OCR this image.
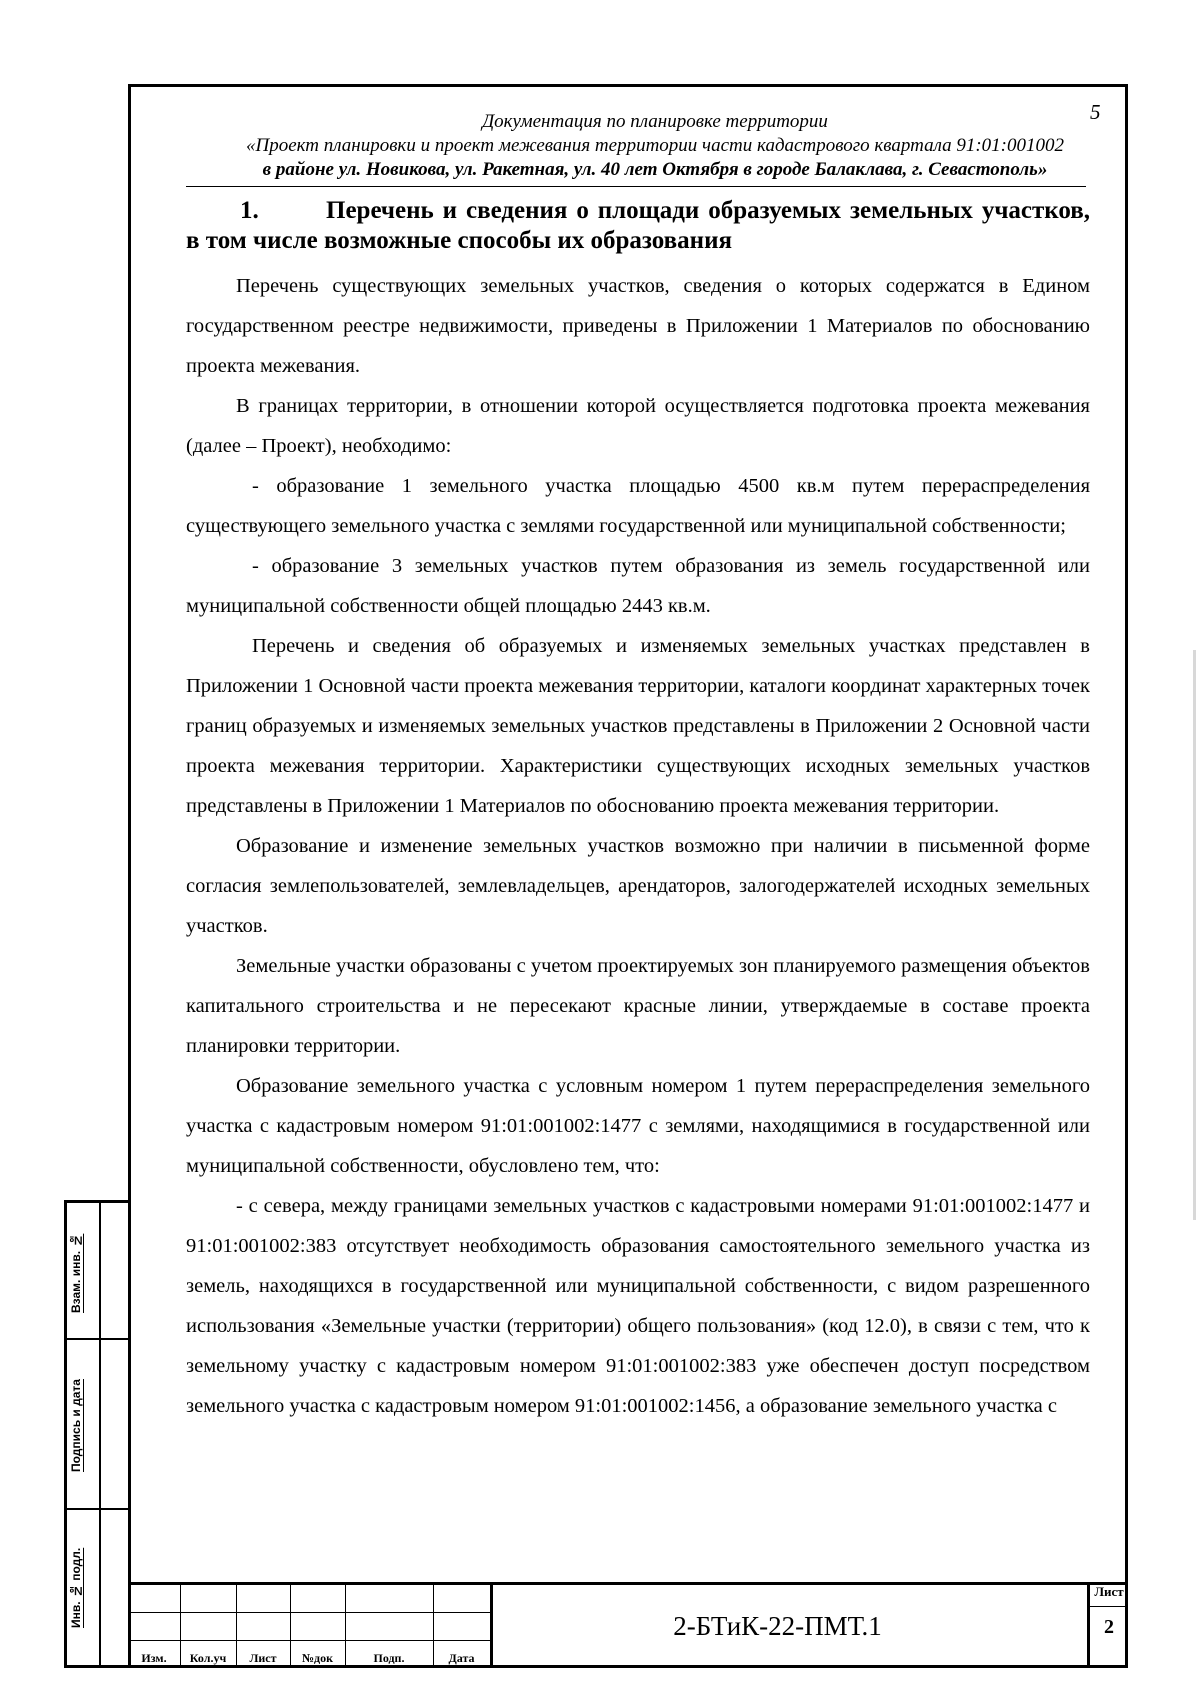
5
Документация по планировке территории
«Проект планировки и проект межевания территории части кадастрового квартала 91:01:001002
в районе ул. Новикова, ул. Ракетная, ул. 40 лет Октября в городе Балаклава, г. Севастополь»
1.	Перечень и сведения о площади образуемых земельных участков, в том числе возможные способы их образования

Перечень существующих земельных участков, сведения о которых содержатся в Едином государственном реестре недвижимости, приведены в Приложении 1 Материалов по обоснованию проекта межевания.

В границах территории, в отношении которой осуществляется подготовка проекта межевания (далее – Проект), необходимо:

- образование 1 земельного участка площадью 4500 кв.м путем перераспределения существующего земельного участка с землями государственной или муниципальной собственности;

- образование 3 земельных участков путем образования из земель государственной или муниципальной собственности общей площадью 2443 кв.м.

Перечень и сведения об образуемых и изменяемых земельных участках представлен в Приложении 1 Основной части проекта межевания территории, каталоги координат характерных точек границ образуемых и изменяемых земельных участков представлены в Приложении 2 Основной части проекта межевания территории. Характеристики существующих исходных земельных участков представлены в Приложении 1 Материалов по обоснованию проекта межевания территории.

Образование и изменение земельных участков возможно при наличии в письменной форме согласия землепользователей, землевладельцев, арендаторов, залогодержателей исходных земельных участков.

Земельные участки образованы с учетом проектируемых зон планируемого размещения объектов капитального строительства и не пересекают красные линии, утверждаемые в составе проекта планировки территории.

Образование земельного участка с условным номером 1 путем перераспределения земельного участка с кадастровым номером 91:01:001002:1477 с землями, находящимися в государственной или муниципальной собственности, обусловлено тем, что:

- с севера, между границами земельных участков с кадастровыми номерами 91:01:001002:1477 и 91:01:001002:383 отсутствует необходимость образования самостоятельного земельного участка из земель, находящихся в государственной или муниципальной собственности, с видом разрешенного использования «Земельные участки (территории) общего пользования» (код 12.0), в связи с тем, что к земельному участку с кадастровым номером 91:01:001002:383 уже обеспечен доступ посредством земельного участка с кадастровым номером 91:01:001002:1456, а образование земельного участка с

Взам. инв. №
Подпись и дата
Инв. № подл.
Изм.	Кол.уч	Лист	№док	Подп.	Дата
2-БТиК-22-ПМТ.1
Лист
2
